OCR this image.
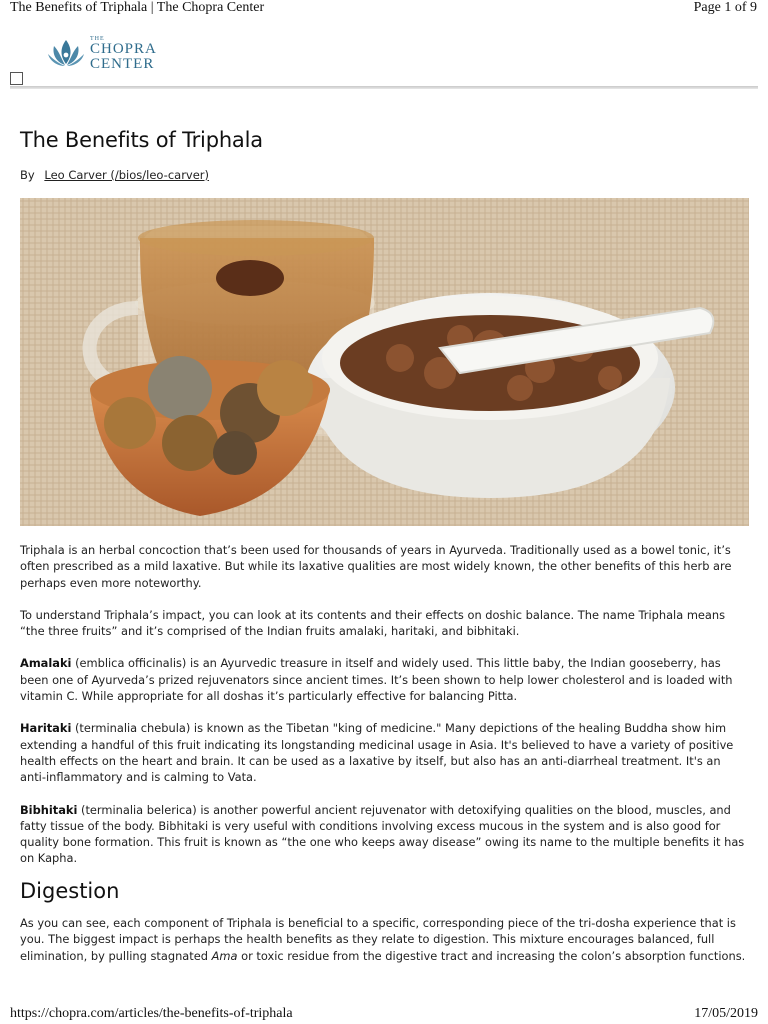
The Benefits of Triphala | The Chopra Center	Page 1 of 9
THE
CHOPRA
CENTER
The Benefits of Triphala
By Leo Carver (/bios/leo-carver)

Triphala is an herbal concoction that’s been used for thousands of years in Ayurveda. Traditionally used as a bowel tonic, it’s often prescribed as a mild laxative. But while its laxative qualities are most widely known, the other benefits of this herb are perhaps even more noteworthy.

To understand Triphala’s impact, you can look at its contents and their effects on doshic balance. The name Triphala means “the three fruits” and it’s comprised of the Indian fruits amalaki, haritaki, and bibhitaki.

Amalaki (emblica officinalis) is an Ayurvedic treasure in itself and widely used. This little baby, the Indian gooseberry, has been one of Ayurveda’s prized rejuvenators since ancient times. It’s been shown to help lower cholesterol and is loaded with vitamin C. While appropriate for all doshas it’s particularly effective for balancing Pitta.

Haritaki (terminalia chebula) is known as the Tibetan "king of medicine." Many depictions of the healing Buddha show him extending a handful of this fruit indicating its longstanding medicinal usage in Asia. It's believed to have a variety of positive health effects on the heart and brain. It can be used as a laxative by itself, but also has an anti-diarrheal treatment. It's an anti-inflammatory and is calming to Vata.

Bibhitaki (terminalia belerica) is another powerful ancient rejuvenator with detoxifying qualities on the blood, muscles, and fatty tissue of the body. Bibhitaki is very useful with conditions involving excess mucous in the system and is also good for quality bone formation. This fruit is known as “the one who keeps away disease” owing its name to the multiple benefits it has on Kapha.

Digestion

As you can see, each component of Triphala is beneficial to a specific, corresponding piece of the tri-dosha experience that is you. The biggest impact is perhaps the health benefits as they relate to digestion. This mixture encourages balanced, full elimination, by pulling stagnated Ama or toxic residue from the digestive tract and increasing the colon’s absorption functions.

https://chopra.com/articles/the-benefits-of-triphala	17/05/2019
